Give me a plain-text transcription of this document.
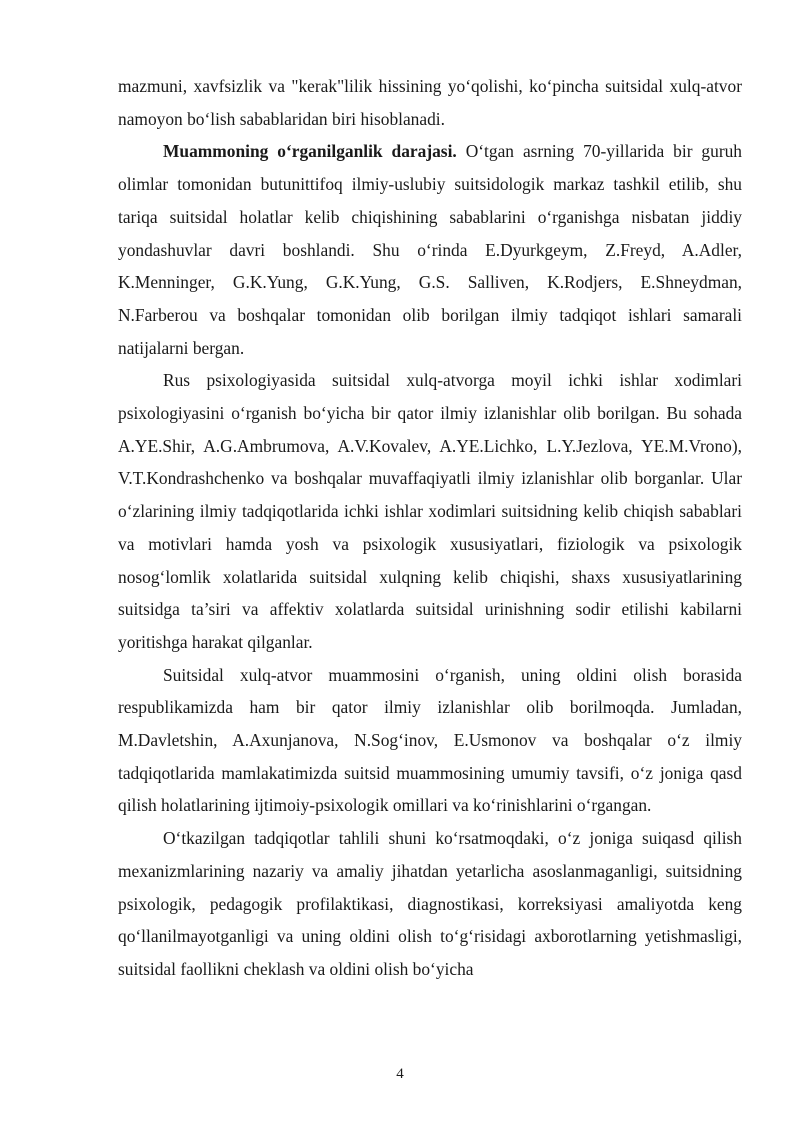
mazmuni, xavfsizlik va "kerak"lilik hissining yo‘qolishi, ko‘pincha suitsidal xulq-atvor namoyon bo‘lish sabablaridan biri hisoblanadi.

Muammoning o‘rganilganlik darajasi. O‘tgan asrning 70-yillarida bir guruh olimlar tomonidan butunittifoq ilmiy-uslubiy suitsidologik markaz tashkil etilib, shu tariqa suitsidal holatlar kelib chiqishining sabablarini o‘rganishga nisbatan jiddiy yondashuvlar davri boshlandi. Shu o‘rinda E.Dyurkgeym, Z.Freyd, A.Adler, K.Menninger, G.K.Yung, G.K.Yung, G.S. Salliven, K.Rodjers, E.Shneydman, N.Farberou va boshqalar tomonidan olib borilgan ilmiy tadqiqot ishlari samarali natijalarni bergan.

Rus psixologiyasida suitsidal xulq-atvorga moyil ichki ishlar xodimlari psixologiyasini o‘rganish bo‘yicha bir qator ilmiy izlanishlar olib borilgan. Bu sohada A.YE.Shir, A.G.Ambrumova, A.V.Kovalev, A.YE.Lichko, L.Y.Jezlova, YE.M.Vrono), V.T.Kondrashchenko va boshqalar muvaffaqiyatli ilmiy izlanishlar olib borganlar. Ular o‘zlarining ilmiy tadqiqotlarida ichki ishlar xodimlari suitsidning kelib chiqish sabablari va motivlari hamda yosh va psixologik xususiyatlari, fiziologik va psixologik nosog‘lomlik xolatlarida suitsidal xulqning kelib chiqishi, shaxs xususiyatlarining suitsidga ta’siri va affektiv xolatlarda suitsidal urinishning sodir etilishi kabilarni yoritishga harakat qilganlar.

Suitsidal xulq-atvor muammosini o‘rganish, uning oldini olish borasida respublikamizda ham bir qator ilmiy izlanishlar olib borilmoqda. Jumladan, M.Davletshin, A.Axunjanova, N.Sog‘inov, E.Usmonov va boshqalar o‘z ilmiy tadqiqotlarida mamlakatimizda suitsid muammosining umumiy tavsifi, o‘z joniga qasd qilish holatlarining ijtimoiy-psixologik omillari va ko‘rinishlarini o‘rgangan.

O‘tkazilgan tadqiqotlar tahlili shuni ko‘rsatmoqdaki, o‘z joniga suiqasd qilish mexanizmlarining nazariy va amaliy jihatdan yetarlicha asoslanmaganligi, suitsidning psixologik, pedagogik profilaktikasi, diagnostikasi, korreksiyasi amaliyotda keng qo‘llanilmayotganligi va uning oldini olish to‘g‘risidagi axborotlarning yetishmasligi, suitsidal faollikni cheklash va oldini olish bo‘yicha

4
